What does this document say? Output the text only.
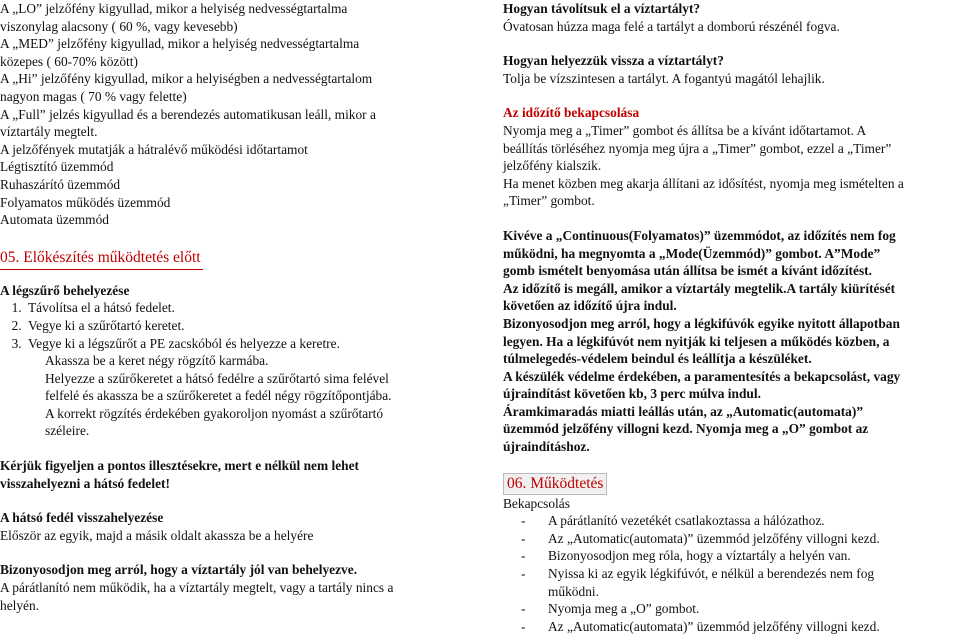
A „LO” jelzőfény kigyullad, mikor a helyiség nedvességtartalma

viszonylag alacsony ( 60 %, vagy kevesebb)

A „MED” jelzőfény kigyullad, mikor a helyiség nedvességtartalma

közepes ( 60-70% között)

A „Hi” jelzőfény kigyullad, mikor a helyiségben a nedvességtartalom

nagyon magas ( 70 % vagy felette)

A „Full” jelzés kigyullad és a berendezés automatikusan leáll, mikor a

víztartály megtelt.

A jelzőfények mutatják a hátralévő működési időtartamot

Légtisztító üzemmód

Ruhaszárító üzemmód

Folyamatos működés üzemmód

Automata üzemmód

05. Előkészítés működtetés előtt

A légszűrő behelyezése

1. Távolítsa el a hátsó fedelet.
2. Vegye ki a szűrőtartó keretet.
3. Vegye ki a légszűrőt a PE zacskóból és helyezze a keretre.

Akassza be a keret négy rögzítő karmába.

Helyezze a szűrőkeretet a hátsó fedélre a szűrőtartó sima felével

felfelé és akassza be a szűrőkeretet a fedél négy rögzítőpontjába.

A korrekt rögzítés érdekében gyakoroljon nyomást a szűrőtartó

széleire.

Kérjük figyeljen a pontos illesztésekre, mert e nélkül nem lehet

visszahelyezni a hátsó fedelet!

A hátsó fedél visszahelyezése

Először az egyik, majd a másik oldalt akassza be a helyére

Bizonyosodjon meg arról, hogy a víztartály jól van behelyezve.

A párátlanító nem működik, ha a víztartály megtelt, vagy a tartály nincs a

helyén.

Hogyan távolítsuk el a víztartályt?

Óvatosan húzza maga felé a tartályt a domború részénél fogva.

Hogyan helyezzük vissza a víztartályt?

Tolja be vízszintesen a tartályt. A fogantyú magától lehajlik.

Az időzítő bekapcsolása

Nyomja meg a „Timer” gombot és állítsa be a kívánt időtartamot. A

beállítás törléséhez nyomja meg újra a „Timer” gombot, ezzel a „Timer”

jelzőfény kialszik.

Ha menet közben meg akarja állítani az idősítést, nyomja meg ismételten a

„Timer” gombot.

Kivéve a „Continuous(Folyamatos)” üzemmódot, az időzítés nem fog

működni, ha megnyomta a „Mode(Üzemmód)” gombot. A”Mode”

gomb ismételt benyomása után állítsa be ismét a kívánt időzítést.

Az időzítő is megáll, amikor a víztartály megtelik.A tartály kiürítését

követően az időzítő újra indul.

Bizonyosodjon meg arról, hogy a légkifúvók egyike nyitott állapotban

legyen. Ha a légkifúvót nem nyitják ki teljesen a működés közben, a

túlmelegedés-védelem beindul és leállítja a készüléket.

A készülék védelme érdekében, a paramentesítés a bekapcsolást, vagy

újraindítást követően kb, 3 perc múlva indul.

Áramkimaradás miatti leállás után, az „Automatic(automata)”

üzemmód jelzőfény villogni kezd. Nyomja meg a „O” gombot az

újraindításhoz.

06. Működtetés

Bekapcsolás

- A párátlanító vezetékét csatlakoztassa a hálózathoz.
- Az „Automatic(automata)” üzemmód jelzőfény villogni kezd.
- Bizonyosodjon meg róla, hogy a víztartály a helyén van.
- Nyissa ki az egyik légkifúvót, e nélkül a berendezés nem fog
működni.
- Nyomja meg a „O” gombot.
- Az „Automatic(automata)” üzemmód jelzőfény villogni kezd.
